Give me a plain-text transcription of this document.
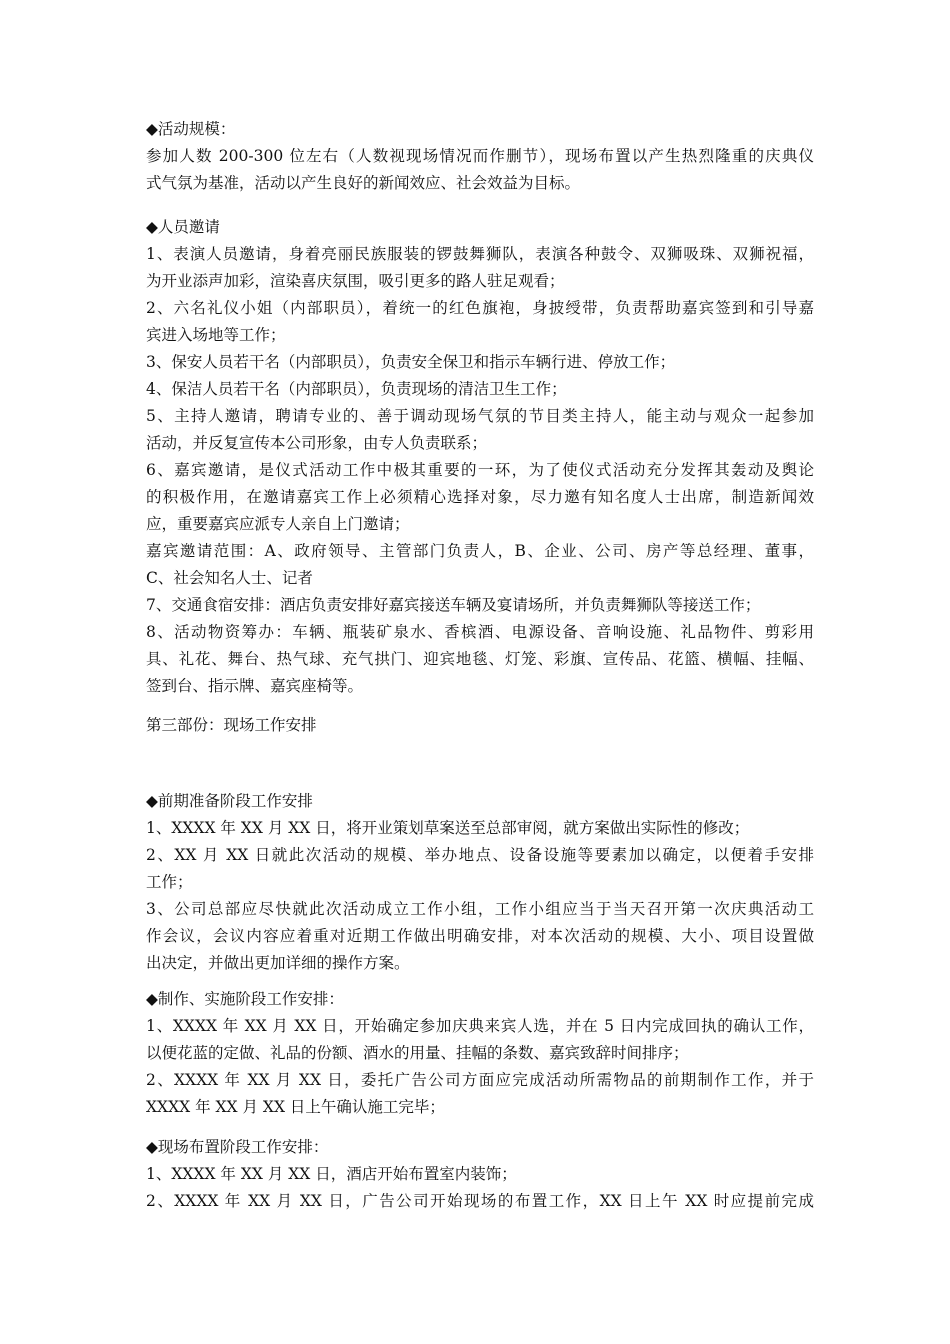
◆活动规模：
参加人数 200-300 位左右（人数视现场情况而作删节），现场布置以产生热烈隆重的庆典仪
式气氛为基准，活动以产生良好的新闻效应、社会效益为目标。
◆人员邀请
1、表演人员邀请，身着亮丽民族服装的锣鼓舞狮队，表演各种鼓令、双狮吸珠、双狮祝福，
为开业添声加彩，渲染喜庆氛围，吸引更多的路人驻足观看；
2、六名礼仪小姐（内部职员），着统一的红色旗袍，身披绶带，负责帮助嘉宾签到和引导嘉
宾进入场地等工作；
3、保安人员若干名（内部职员），负责安全保卫和指示车辆行进、停放工作；
4、保洁人员若干名（内部职员），负责现场的清洁卫生工作；
5、主持人邀请，聘请专业的、善于调动现场气氛的节目类主持人，能主动与观众一起参加
活动，并反复宣传本公司形象，由专人负责联系；
6、嘉宾邀请，是仪式活动工作中极其重要的一环，为了使仪式活动充分发挥其轰动及舆论
的积极作用，在邀请嘉宾工作上必须精心选择对象，尽力邀有知名度人士出席，制造新闻效
应，重要嘉宾应派专人亲自上门邀请；
嘉宾邀请范围：A、政府领导、主管部门负责人，B、企业、公司、房产等总经理、董事，
C、社会知名人士、记者
7、交通食宿安排：酒店负责安排好嘉宾接送车辆及宴请场所，并负责舞狮队等接送工作；
8、活动物资筹办：车辆、瓶装矿泉水、香槟酒、电源设备、音响设施、礼品物件、剪彩用
具、礼花、舞台、热气球、充气拱门、迎宾地毯、灯笼、彩旗、宣传品、花篮、横幅、挂幅、
签到台、指示牌、嘉宾座椅等。
第三部份：现场工作安排
◆前期准备阶段工作安排
1、XXXX 年 XX 月 XX 日，将开业策划草案送至总部审阅，就方案做出实际性的修改；
2、XX 月 XX 日就此次活动的规模、举办地点、设备设施等要素加以确定，以便着手安排
工作；
3、公司总部应尽快就此次活动成立工作小组，工作小组应当于当天召开第一次庆典活动工
作会议，会议内容应着重对近期工作做出明确安排，对本次活动的规模、大小、项目设置做
出决定，并做出更加详细的操作方案。
◆制作、实施阶段工作安排：
1、XXXX 年 XX 月 XX 日，开始确定参加庆典来宾人选，并在 5 日内完成回执的确认工作，
以便花蓝的定做、礼品的份额、酒水的用量、挂幅的条数、嘉宾致辞时间排序；
2、XXXX 年 XX 月 XX 日，委托广告公司方面应完成活动所需物品的前期制作工作，并于
XXXX 年 XX 月 XX 日上午确认施工完毕；
◆现场布置阶段工作安排：
1、XXXX 年 XX 月 XX 日，酒店开始布置室内装饰；
2、XXXX 年 XX 月 XX 日，广告公司开始现场的布置工作，XX 日上午 XX 时应提前完成
